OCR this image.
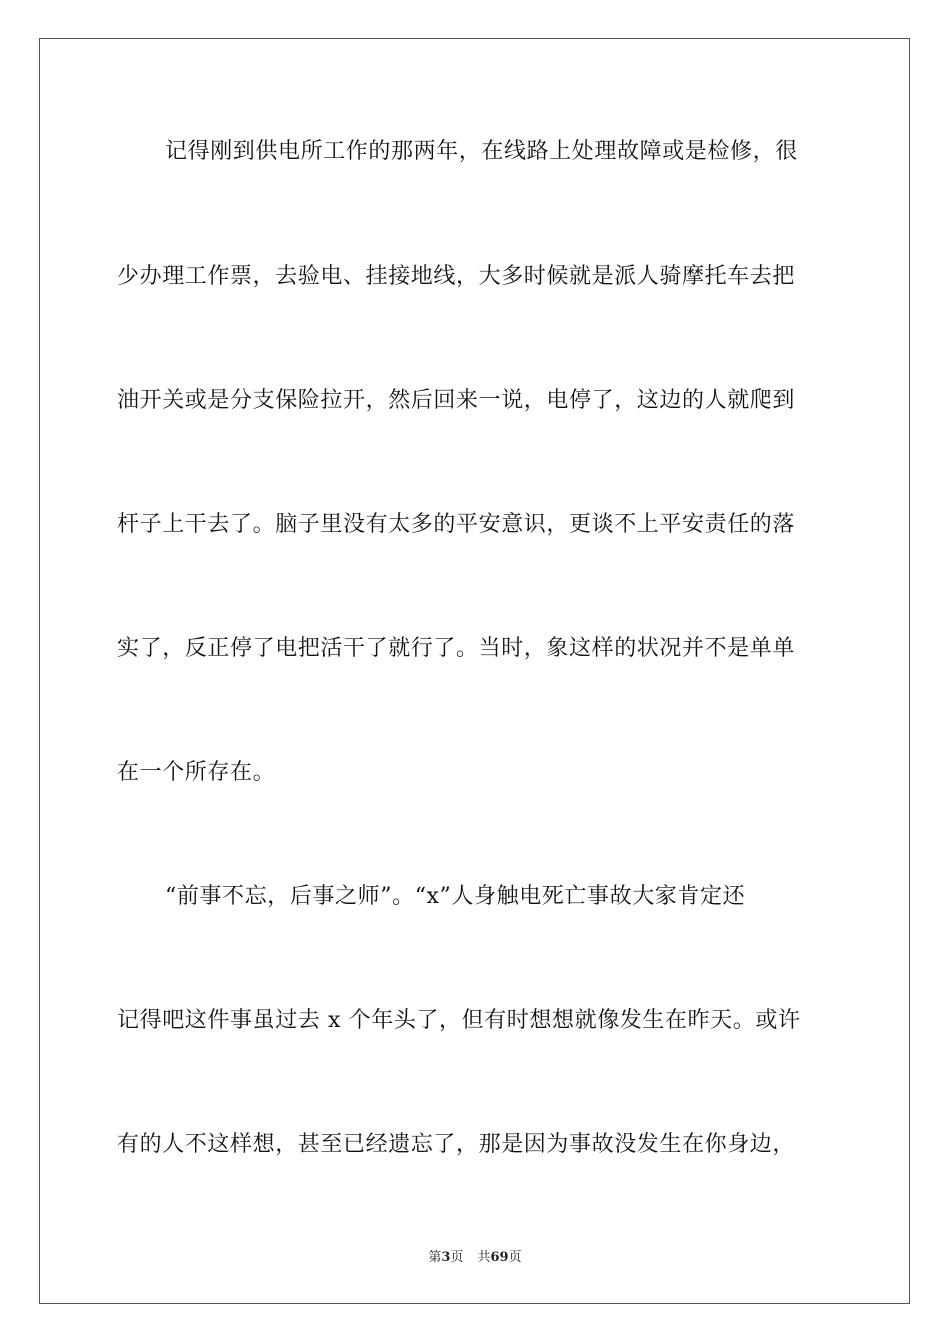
记得刚到供电所工作的那两年，在线路上处理故障或是检修，很
少办理工作票，去验电、挂接地线，大多时候就是派人骑摩托车去把
油开关或是分支保险拉开，然后回来一说，电停了，这边的人就爬到
杆子上干去了。脑子里没有太多的平安意识，更谈不上平安责任的落
实了，反正停了电把活干了就行了。当时，象这样的状况并不是单单
在一个所存在。
“前事不忘，后事之师”。“x”人身触电死亡事故大家肯定还
记得吧这件事虽过去 x 个年头了，但有时想想就像发生在昨天。或许
有的人不这样想，甚至已经遗忘了，那是因为事故没发生在你身边，
第3页 共69页
